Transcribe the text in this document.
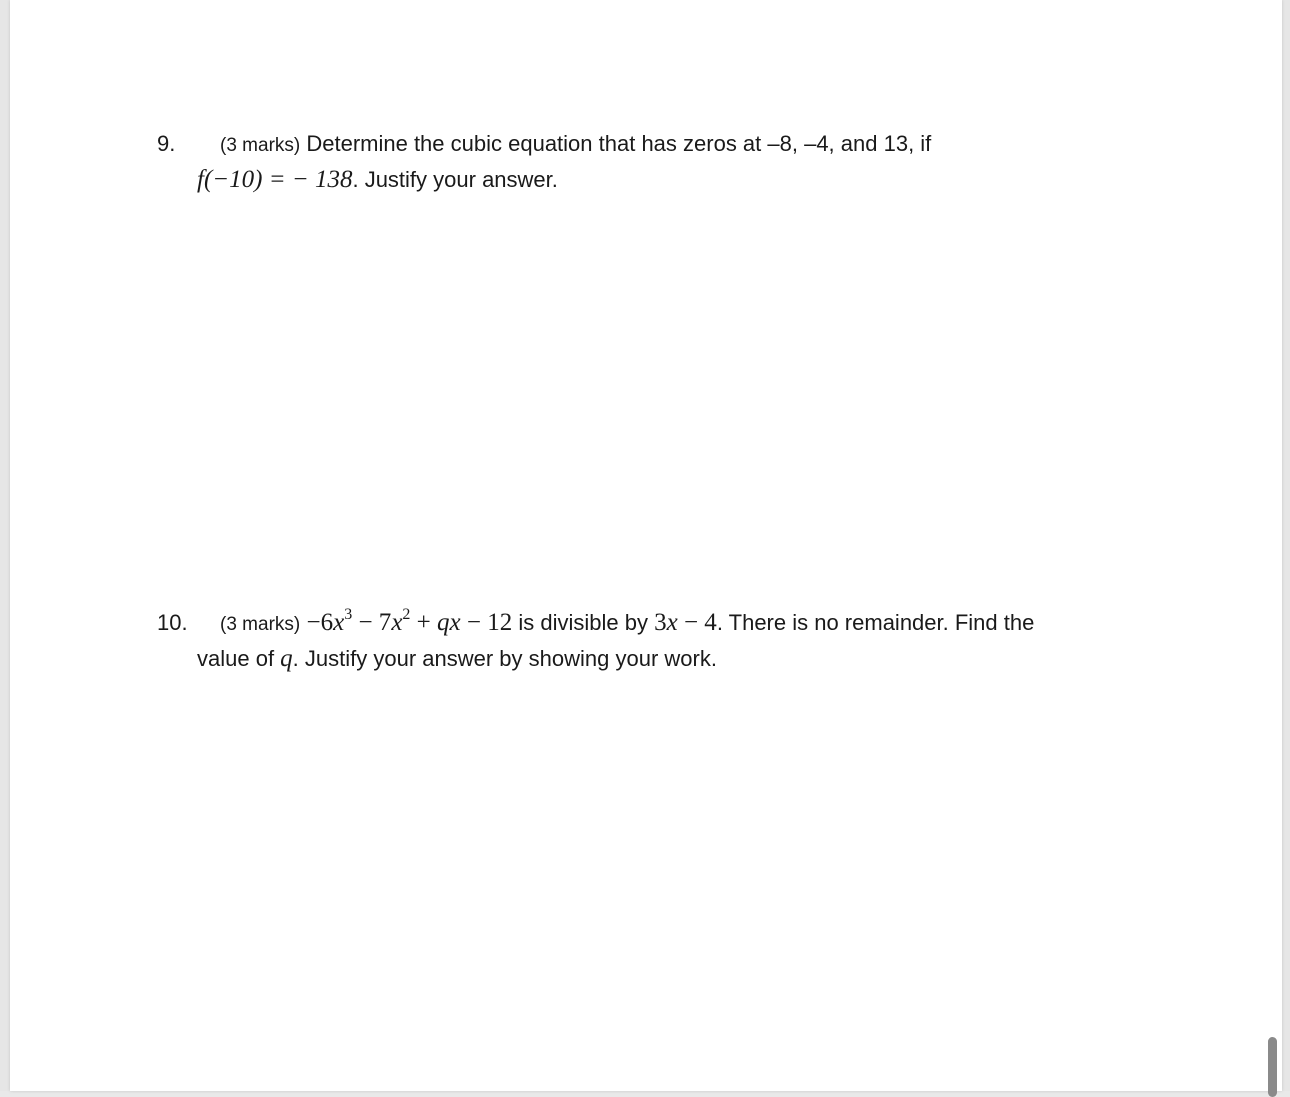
9.	(3 marks) Determine the cubic equation that has zeros at –8, –4, and 13, if
f(−10) = − 138. Justify your answer.
10.	(3 marks) $-6x^3 - 7x^2$ + qx − 12 is divisible by 3x − 4. There is no remainder. Find the
value of q. Justify your answer by showing your work.
